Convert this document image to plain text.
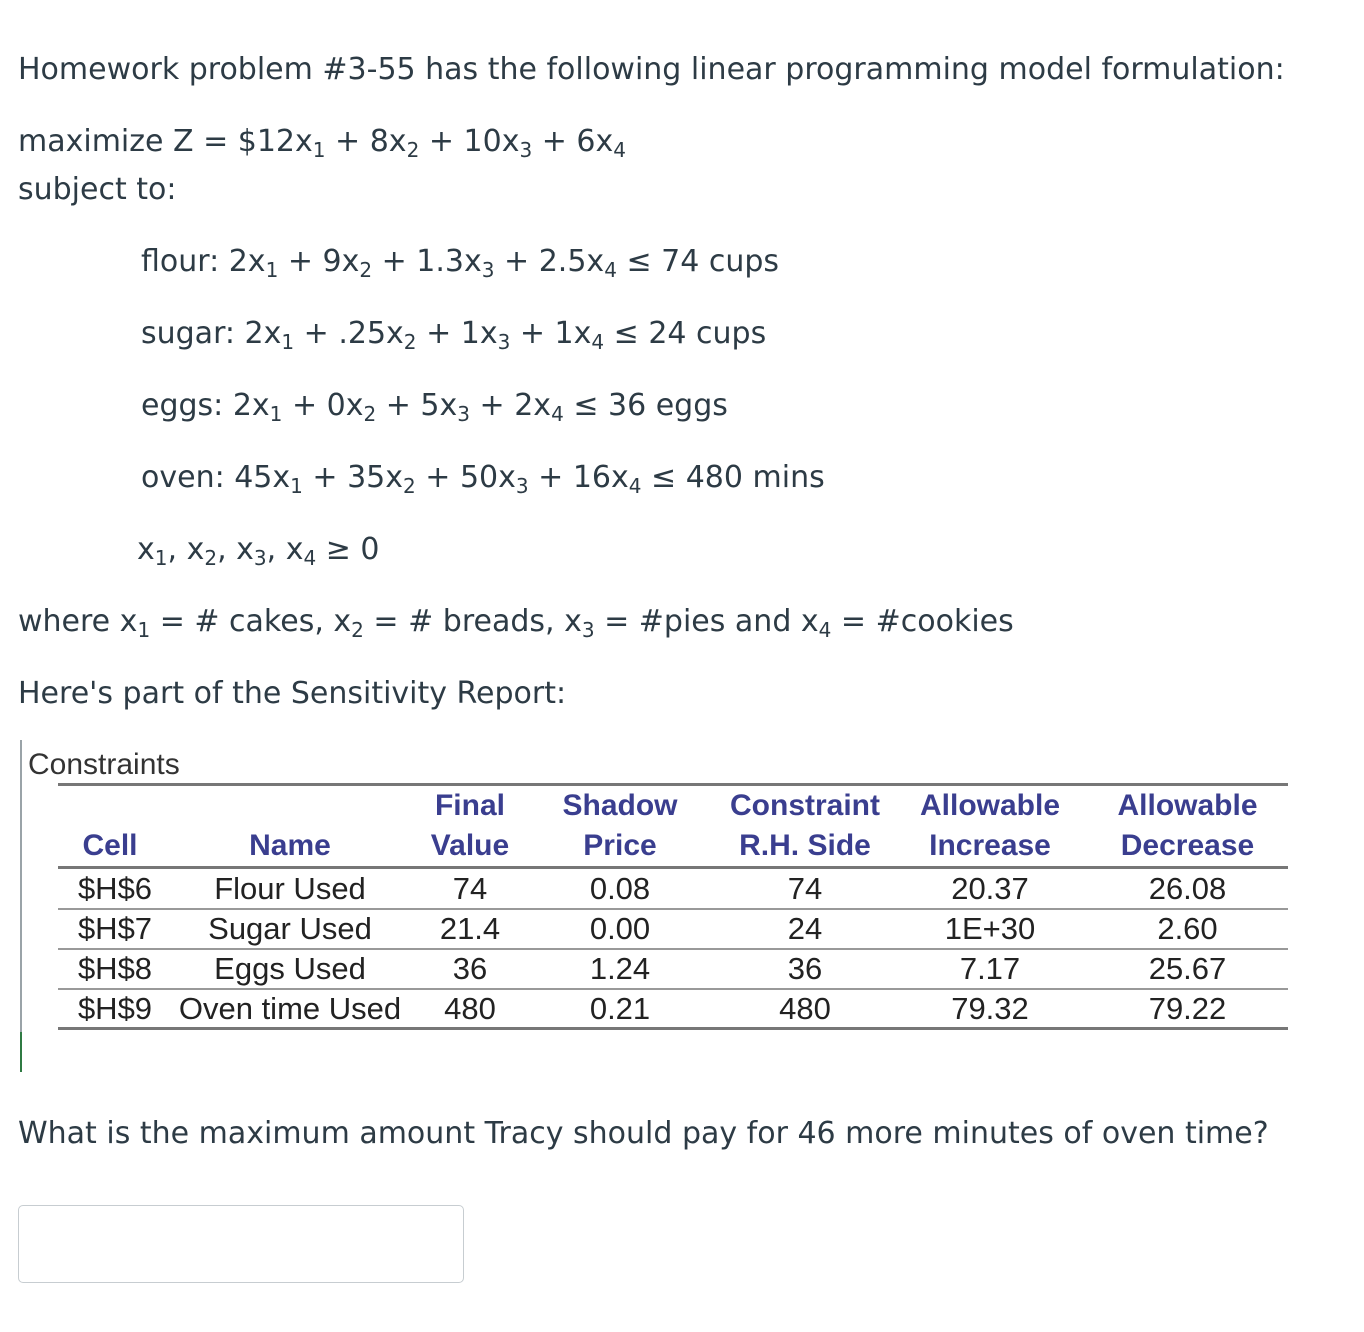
Homework problem #3-55 has the following linear programming model formulation:
maximize $Z = \$12x_1 + 8x_2 + 10x_3 + 6x_4$
subject to:
flour: $2x_1 + 9x_2 + 1.3x_3 + 2.5x_4 \le 74$ cups
sugar: $2x_1 + .25x_2 + 1x_3 + 1x_4 \le 24$ cups
eggs: $2x_1 + 0x_2 + 5x_3 + 2x_4 \le 36$ eggs
oven: $45x_1 + 35x_2 + 50x_3 + 16x_4 \le 480$ mins
$x_1$, $x_2$, $x_3$, $x_4 \ge 0$
where $x_1$ = # cakes, $x_2$ = # breads, $x_3$ = #pies and $x_4$ = #cookies
Here's part of the Sensitivity Report:
Constraints
Final	Shadow	Constraint	Allowable	Allowable
Cell	Name	Value	Price	R.H. Side	Increase	Decrease
$H$6	Flour Used	74	0.08	74	20.37	26.08
$H$7	Sugar Used	21.4	0.00	24	1E+30	2.60
$H$8	Eggs Used	36	1.24	36	7.17	25.67
$H$9 Oven time Used	480	0.21	480	79.32	79.22
What is the maximum amount Tracy should pay for 46 more minutes of oven time?
